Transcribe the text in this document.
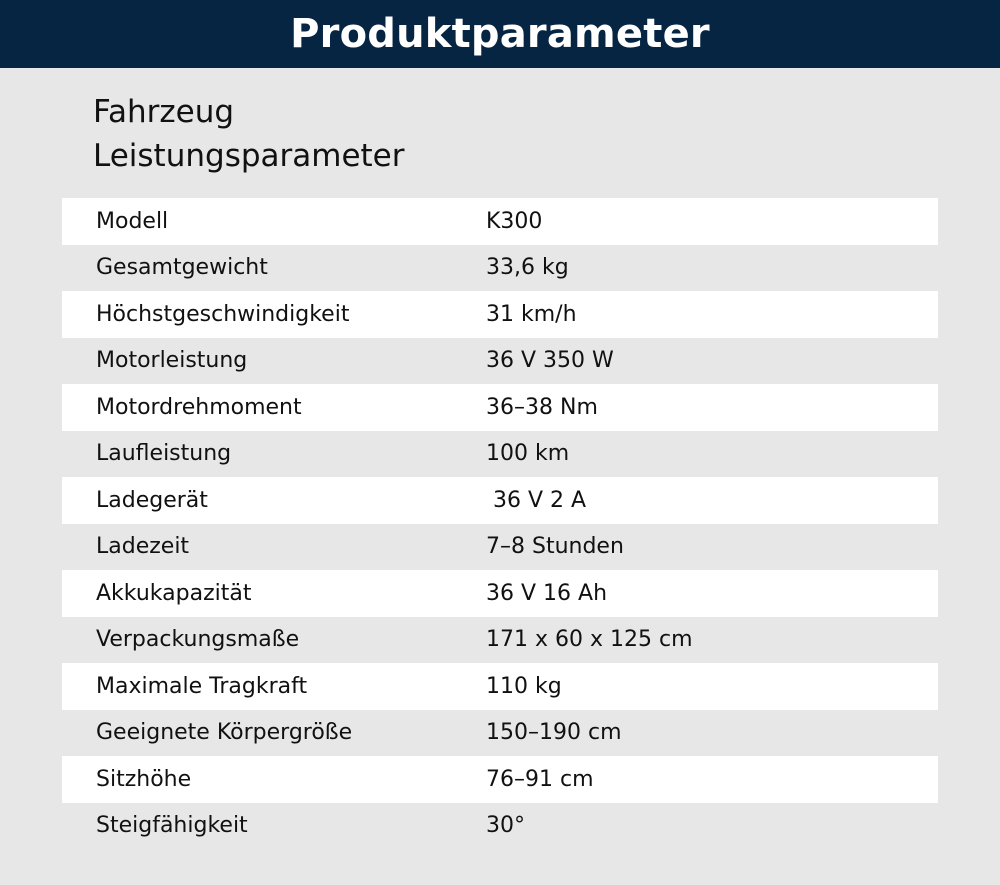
Produktparameter
Fahrzeug
Leistungsparameter
Modell	K300
Gesamtgewicht	33,6 kg
Höchstgeschwindigkeit	31 km/h
Motorleistung	36 V 350 W
Motordrehmoment	36–38 Nm
Laufleistung	100 km
Ladegerät	36 V 2 A
Ladezeit	7–8 Stunden
Akkukapazität	36 V 16 Ah
Verpackungsmaße	171 x 60 x 125 cm
Maximale Tragkraft	110 kg
Geeignete Körpergröße	150–190 cm
Sitzhöhe	76–91 cm
Steigfähigkeit	30°
